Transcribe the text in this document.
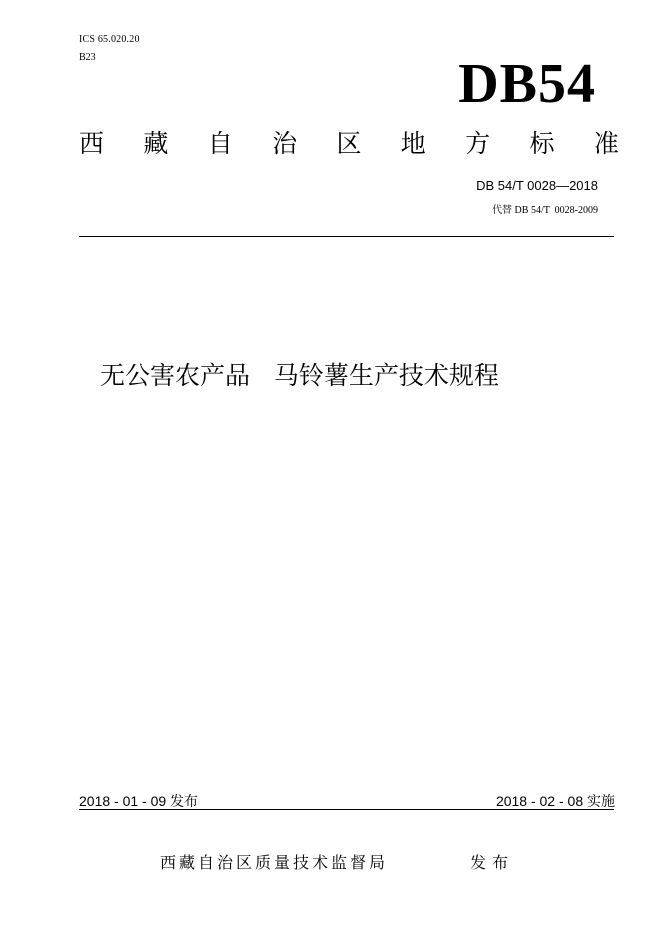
ICS 65.020.20
B23	DB54
西 藏 自 治 区 地 方 标 准
DB 54/T 0028—2018
代替 DB 54/T  0028-2009
无公害农产品   马铃薯生产技术规程
2018 - 01 - 09 发布	2018 - 02 - 08 实施
西藏自治区质量技术监督局	发布
